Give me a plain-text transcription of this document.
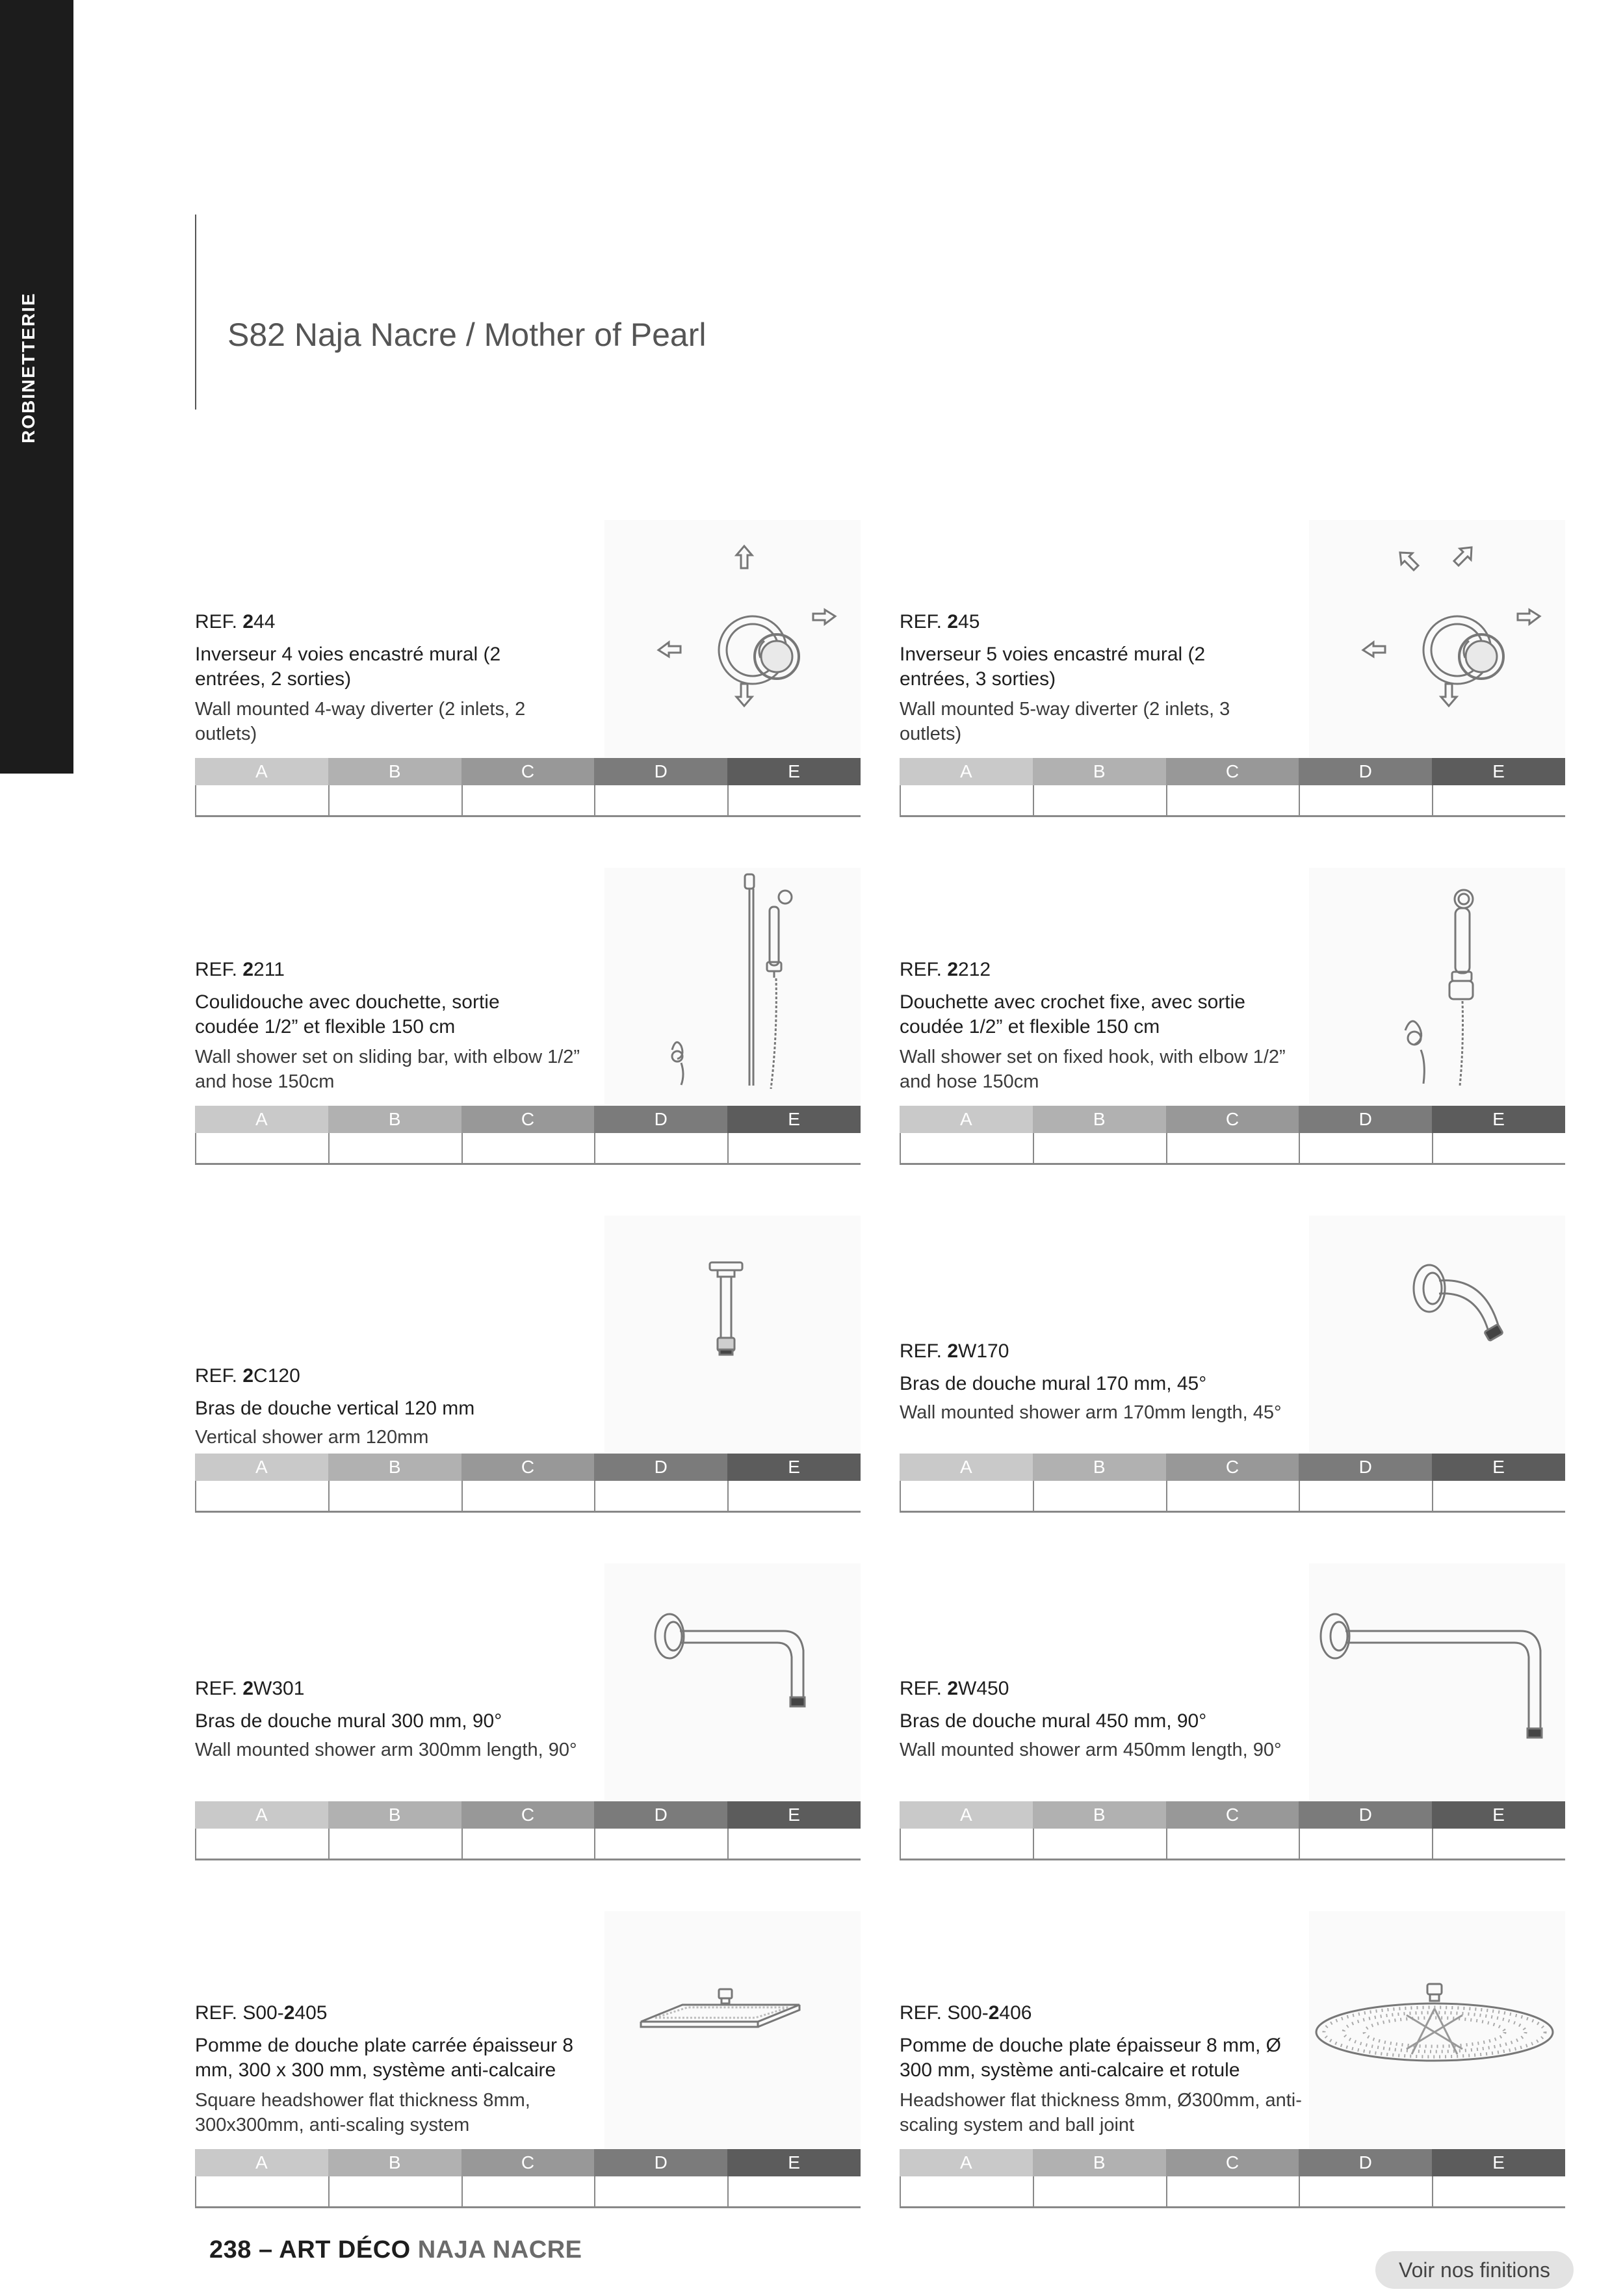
ROBINETTERIE	S82 Naja Nacre / Mother of Pearl
REF. 244
Inverseur 4 voies encastré mural (2 entrées, 2 sorties)
Wall mounted 4-way diverter (2 inlets, 2 outlets)
A	B	C	D	E
REF. 245
Inverseur 5 voies encastré mural (2 entrées, 3 sorties)
Wall mounted 5-way diverter (2 inlets, 3 outlets)
A	B	C	D	E
REF. 2211
Coulidouche avec douchette, sortie coudée 1/2” et flexible 150 cm
Wall shower set on sliding bar, with elbow 1/2” and hose 150cm
A	B	C	D	E
REF. 2212
Douchette avec crochet fixe, avec sortie coudée 1/2” et flexible 150 cm
Wall shower set on fixed hook, with elbow 1/2” and hose 150cm
A	B	C	D	E
REF. 2C120
Bras de douche vertical 120 mm
Vertical shower arm 120mm
A	B	C	D	E
REF. 2W170
Bras de douche mural 170 mm, 45°
Wall mounted shower arm 170mm length, 45°
A	B	C	D	E
REF. 2W301
Bras de douche mural 300 mm, 90°
Wall mounted shower arm 300mm length, 90°
A	B	C	D	E
REF. 2W450
Bras de douche mural 450 mm, 90°
Wall mounted shower arm 450mm length, 90°
A	B	C	D	E
REF. S00-2405
Pomme de douche plate carrée épaisseur 8 mm, 300 x 300 mm, système anti-calcaire
Square headshower flat thickness 8mm, 300x300mm, anti-scaling system
A	B	C	D	E
REF. S00-2406
Pomme de douche plate épaisseur 8 mm, Ø 300 mm, système anti-calcaire et rotule
Headshower flat thickness 8mm, Ø300mm, anti-scaling system and ball joint
A	B	C	D	E
238 – ART DÉCO NAJA NACRE
Voir nos finitions
